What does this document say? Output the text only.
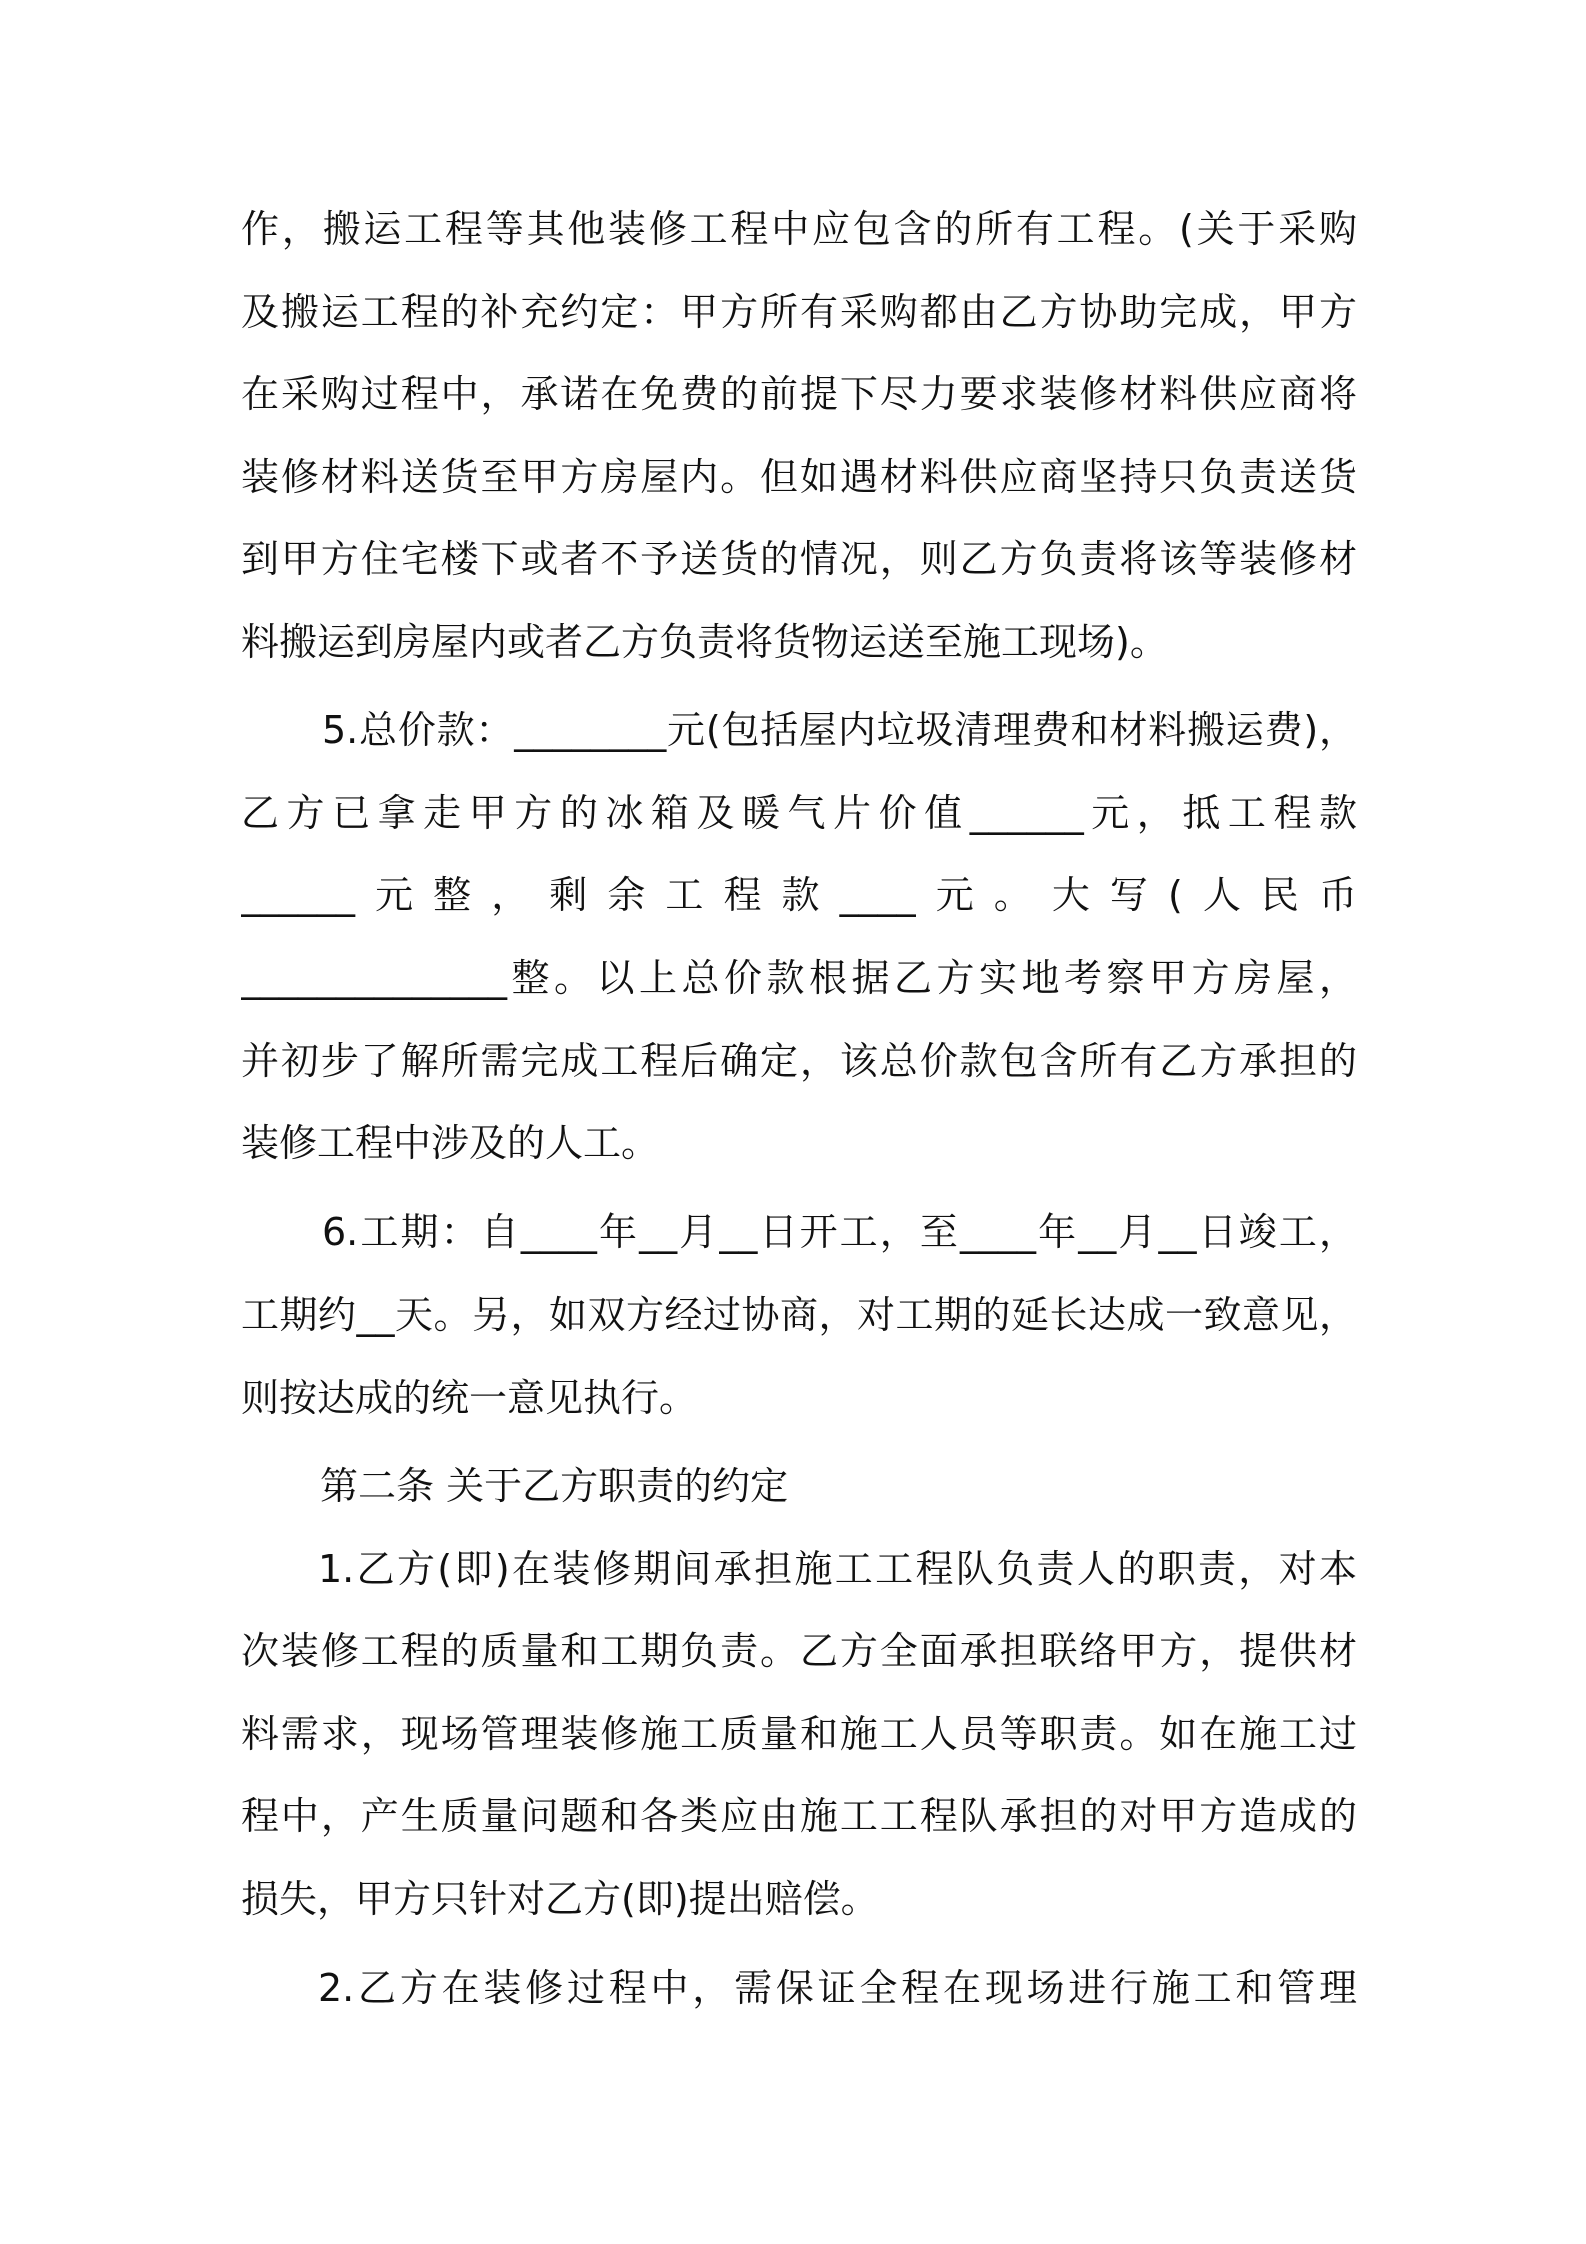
作，搬运工程等其他装修工程中应包含的所有工程。(关于采购
及搬运工程的补充约定：甲方所有采购都由乙方协助完成，甲方
在采购过程中，承诺在免费的前提下尽力要求装修材料供应商将
装修材料送货至甲方房屋内。但如遇材料供应商坚持只负责送货
到甲方住宅楼下或者不予送货的情况，则乙方负责将该等装修材
料搬运到房屋内或者乙方负责将货物运送至施工现场)。
5.总价款：________元(包括屋内垃圾清理费和材料搬运费)，
乙方已拿走甲方的冰箱及暖气片价值______元，抵工程款
______元整，剩余工程款____元。大写(人民币
______________整。以上总价款根据乙方实地考察甲方房屋，
并初步了解所需完成工程后确定，该总价款包含所有乙方承担的
装修工程中涉及的人工。
6.工期：自____年__月__日开工，至____年__月__日竣工，
工期约__天。另，如双方经过协商，对工期的延长达成一致意见，
则按达成的统一意见执行。
第二条 关于乙方职责的约定
1.乙方(即)在装修期间承担施工工程队负责人的职责，对本
次装修工程的质量和工期负责。乙方全面承担联络甲方，提供材
料需求，现场管理装修施工质量和施工人员等职责。如在施工过
程中，产生质量问题和各类应由施工工程队承担的对甲方造成的
损失，甲方只针对乙方(即)提出赔偿。
2.乙方在装修过程中，需保证全程在现场进行施工和管理
